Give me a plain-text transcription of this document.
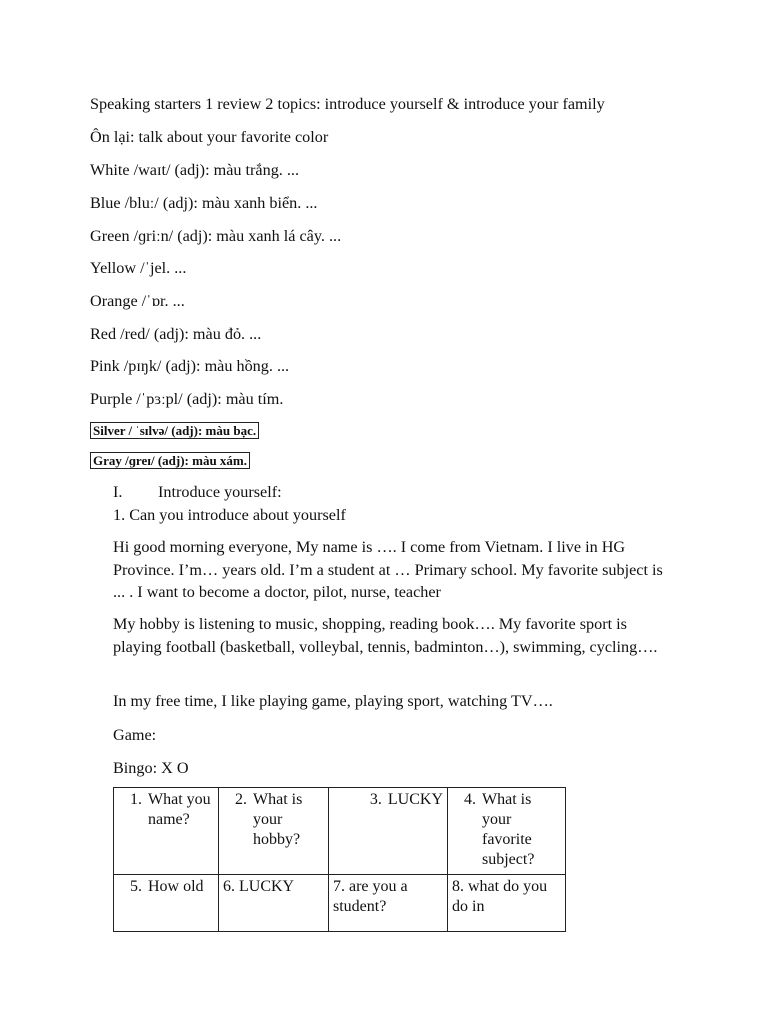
Speaking starters 1 review 2 topics: introduce yourself & introduce your family
Ôn lại: talk about your favorite color
White /waɪt/ (adj): màu trắng. ...
Blue /bluː/ (adj): màu xanh biển. ...
Green /ɡriːn/ (adj): màu xanh lá cây. ...
Yellow /ˈjel. ...
Orange /ˈɒr. ...
Red /red/ (adj): màu đỏ. ...
Pink /pɪŋk/ (adj): màu hồng. ...
Purple /ˈpɜːpl/ (adj): màu tím.
Silver / ˈsɪlvə/ (adj): màu bạc.
Gray /ɡreɪ/ (adj): màu xám.
I. Introduce yourself:
1. Can you introduce about yourself
Hi good morning everyone, My name is …. I come from Vietnam. I live in HG Province. I’m… years old. I’m a student at … Primary school. My favorite subject is ... . I want to become a doctor, pilot, nurse, teacher
My hobby is listening to music, shopping, reading book…. My favorite sport is playing football (basketball, volleybal, tennis, badminton…), swimming, cycling….
In my free time, I like playing game, playing sport, watching TV….
Game:
Bingo: X O
1. What you name?	2. What is your hobby?	3. LUCKY	4. What is your favorite subject?

5. How old	6. LUCKY	7. are you a student?	8. what do you do in
